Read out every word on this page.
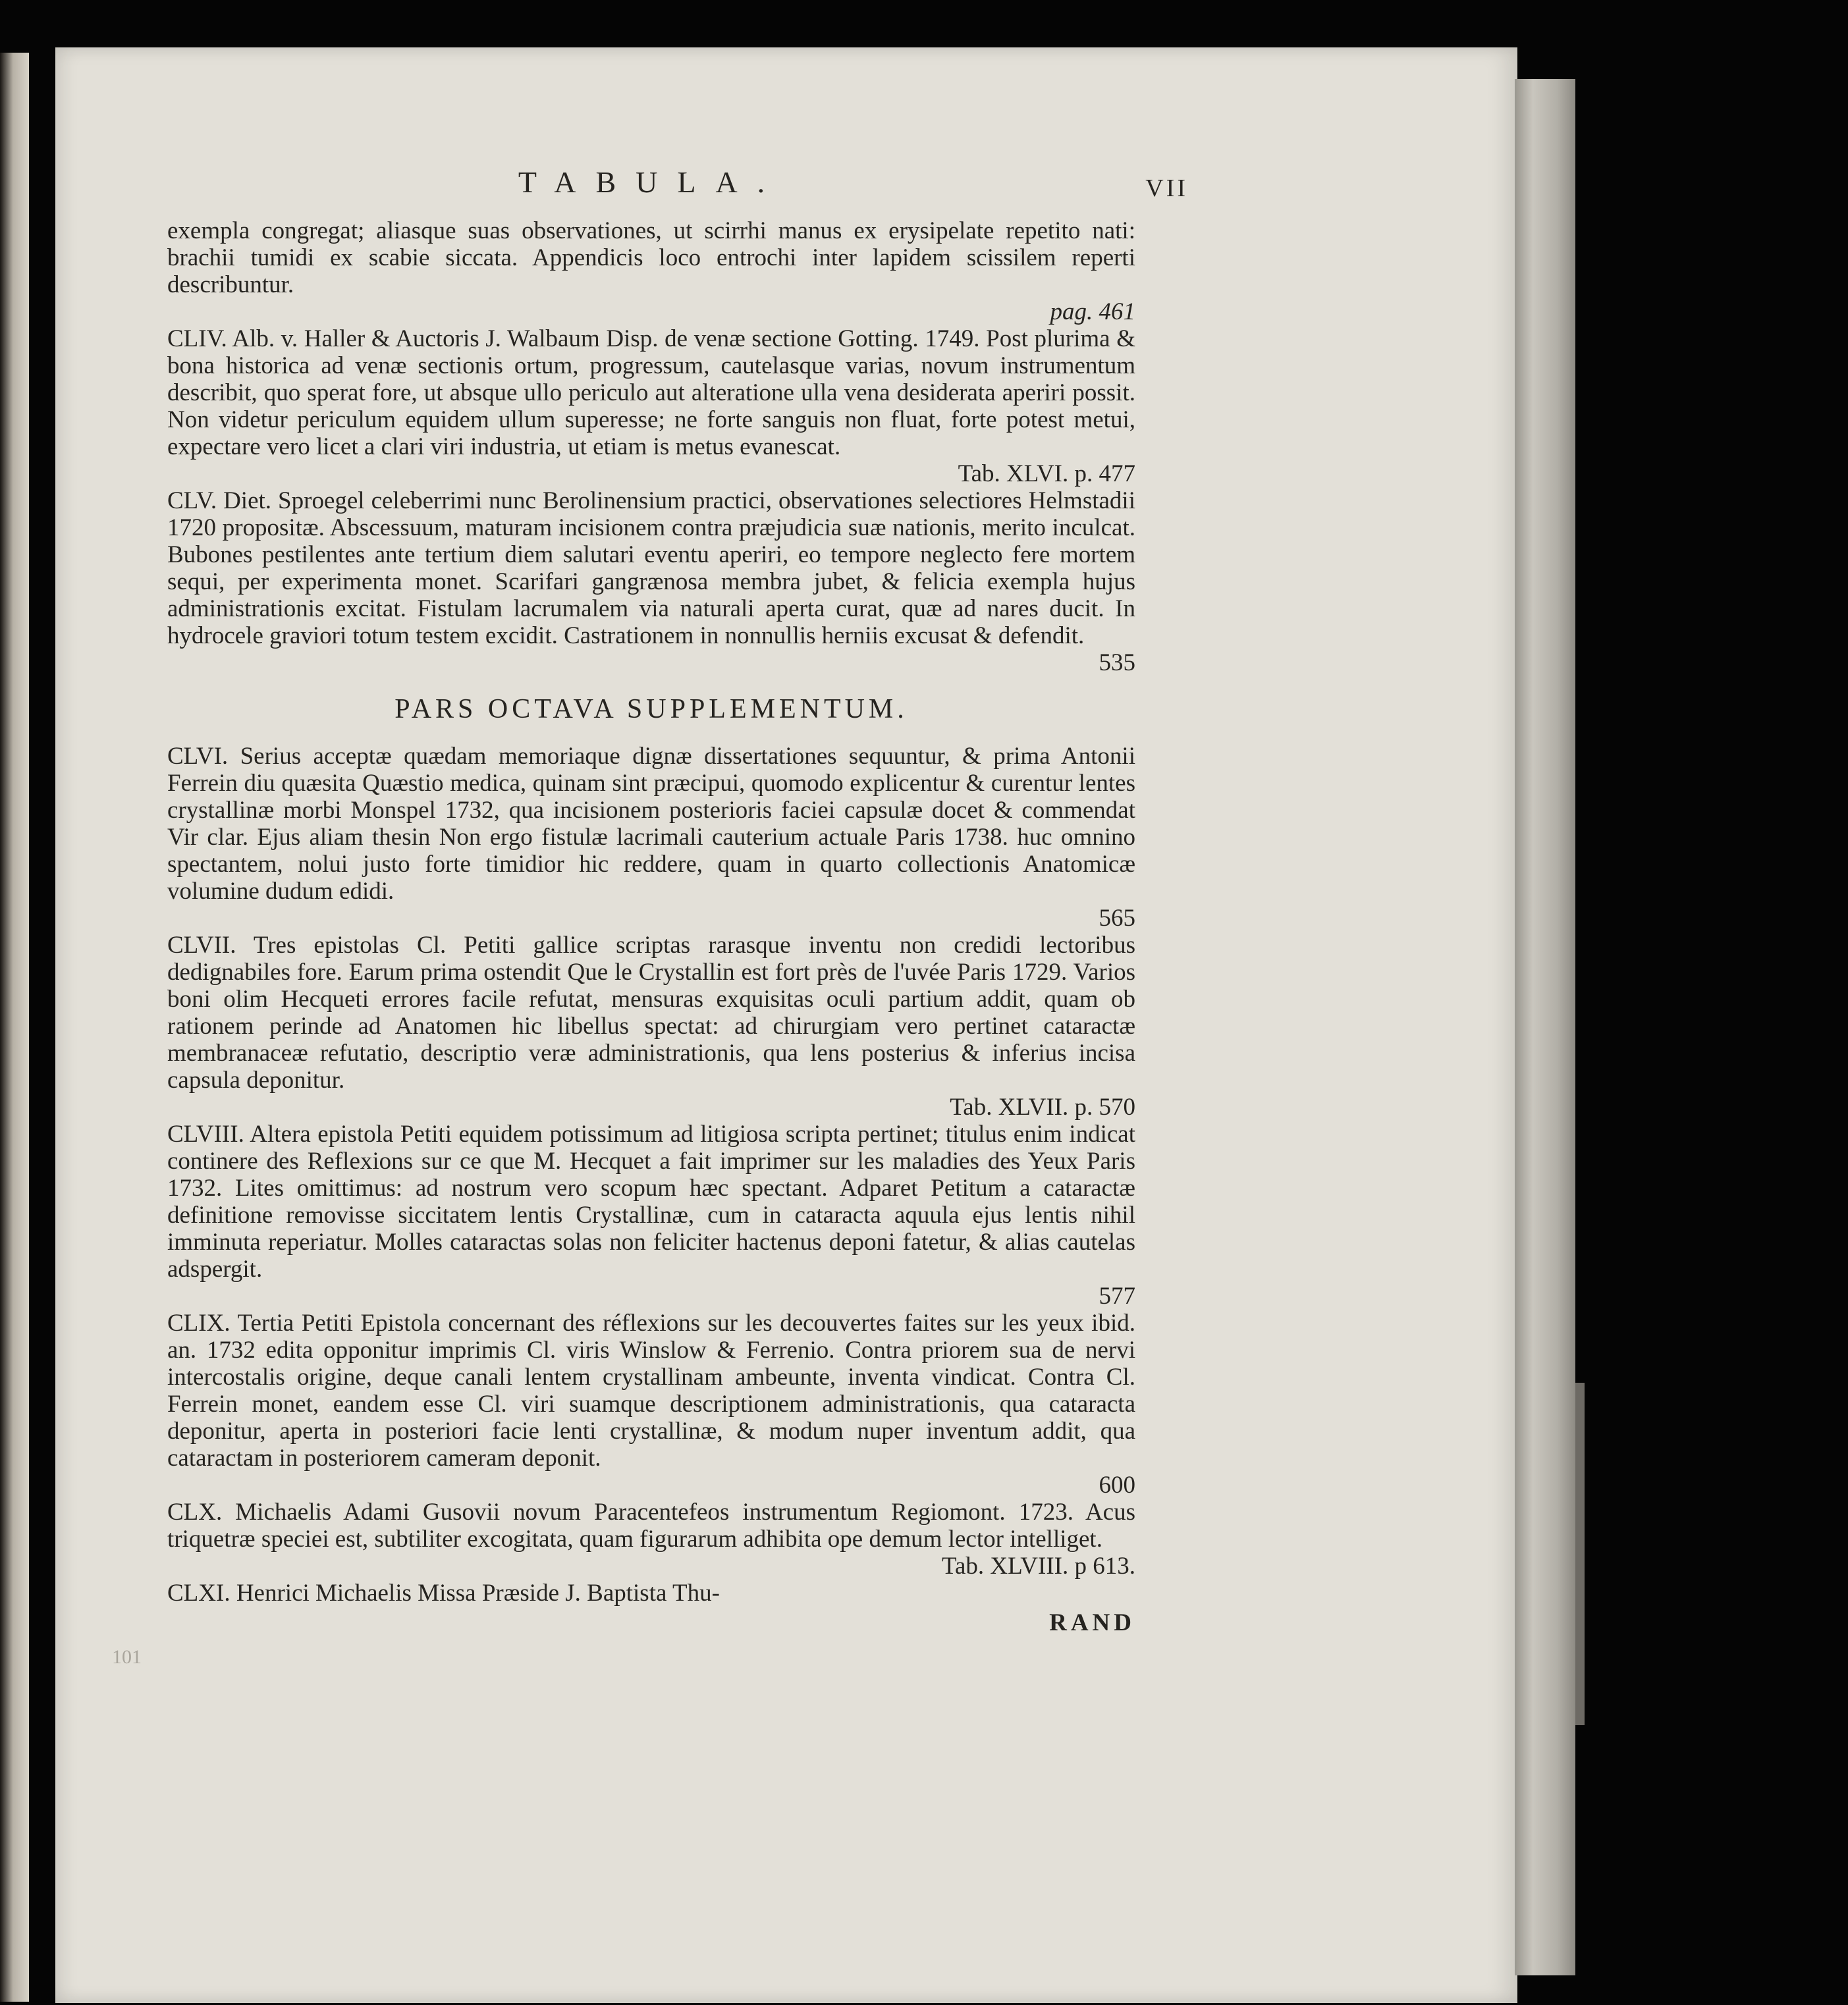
TABULA.	VII
exempla congregat; aliasque suas observationes, ut scirrhi manus ex erysipelate repetito nati: brachii tumidi ex scabie siccata. Appendicis loco entrochi inter lapidem scissilem reperti describuntur.
pag. 461
CLIV. Alb. v. Haller & Auctoris J. Walbaum Disp. de venæ sectione Gotting. 1749. Post plurima & bona historica ad venæ sectionis ortum, progressum, cautelasque varias, novum instrumentum describit, quo sperat fore, ut absque ullo periculo aut alteratione ulla vena desiderata aperiri possit. Non videtur periculum equidem ullum superesse; ne forte sanguis non fluat, forte potest metui, expectare vero licet a clari viri industria, ut etiam is metus evanescat.
Tab. XLVI. p. 477
CLV. Diet. Sproegel celeberrimi nunc Berolinensium practici, observationes selectiores Helmstadii 1720 propositæ. Abscessuum, maturam incisionem contra præjudicia suæ nationis, merito inculcat. Bubones pestilentes ante tertium diem salutari eventu aperiri, eo tempore neglecto fere mortem sequi, per experimenta monet. Scarifari gangrænosa membra jubet, & felicia exempla hujus administrationis excitat. Fistulam lacrumalem via naturali aperta curat, quæ ad nares ducit. In hydrocele graviori totum testem excidit. Castrationem in nonnullis herniis excusat & defendit.
535
PARS OCTAVA SUPPLEMENTUM.
CLVI. Serius acceptæ quædam memoriaque dignæ dissertationes sequuntur, & prima Antonii Ferrein diu quæsita Quæstio medica, quinam sint præcipui, quomodo explicentur & curentur lentes crystallinæ morbi Monspel 1732, qua incisionem posterioris faciei capsulæ docet & commendat Vir clar. Ejus aliam thesin Non ergo fistulæ lacrimali cauterium actuale Paris 1738. huc omnino spectantem, nolui justo forte timidior hic reddere, quam in quarto collectionis Anatomicæ volumine dudum edidi.
565
CLVII. Tres epistolas Cl. Petiti gallice scriptas rarasque inventu non credidi lectoribus dedignabiles fore. Earum prima ostendit Que le Crystallin est fort près de l'uvée Paris 1729. Varios boni olim Hecqueti errores facile refutat, mensuras exquisitas oculi partium addit, quam ob rationem perinde ad Anatomen hic libellus spectat: ad chirurgiam vero pertinet cataractæ membranaceæ refutatio, descriptio veræ administrationis, qua lens posterius & inferius incisa capsula deponitur.
Tab. XLVII. p. 570
CLVIII. Altera epistola Petiti equidem potissimum ad litigiosa scripta pertinet; titulus enim indicat continere des Reflexions sur ce que M. Hecquet a fait imprimer sur les maladies des Yeux Paris 1732. Lites omittimus: ad nostrum vero scopum hæc spectant. Adparet Petitum a cataractæ definitione removisse siccitatem lentis Crystallinæ, cum in cataracta aquula ejus lentis nihil imminuta reperiatur. Molles cataractas solas non feliciter hactenus deponi fatetur, & alias cautelas adspergit.
577
CLIX. Tertia Petiti Epistola concernant des réflexions sur les decouvertes faites sur les yeux ibid. an. 1732 edita opponitur imprimis Cl. viris Winslow & Ferrenio. Contra priorem sua de nervi intercostalis origine, deque canali lentem crystallinam ambeunte, inventa vindicat. Contra Cl. Ferrein monet, eandem esse Cl. viri suamque descriptionem administrationis, qua cataracta deponitur, aperta in posteriori facie lenti crystallinæ, & modum nuper inventum addit, qua cataractam in posteriorem cameram deponit.
600
CLX. Michaelis Adami Gusovii novum Paracentefeos instrumentum Regiomont. 1723. Acus triquetræ speciei est, subtiliter excogitata, quam figurarum adhibita ope demum lector intelliget.
Tab. XLVIII. p 613.
CLXI. Henrici Michaelis Missa Præside J. Baptista Thu-
RAND
101
